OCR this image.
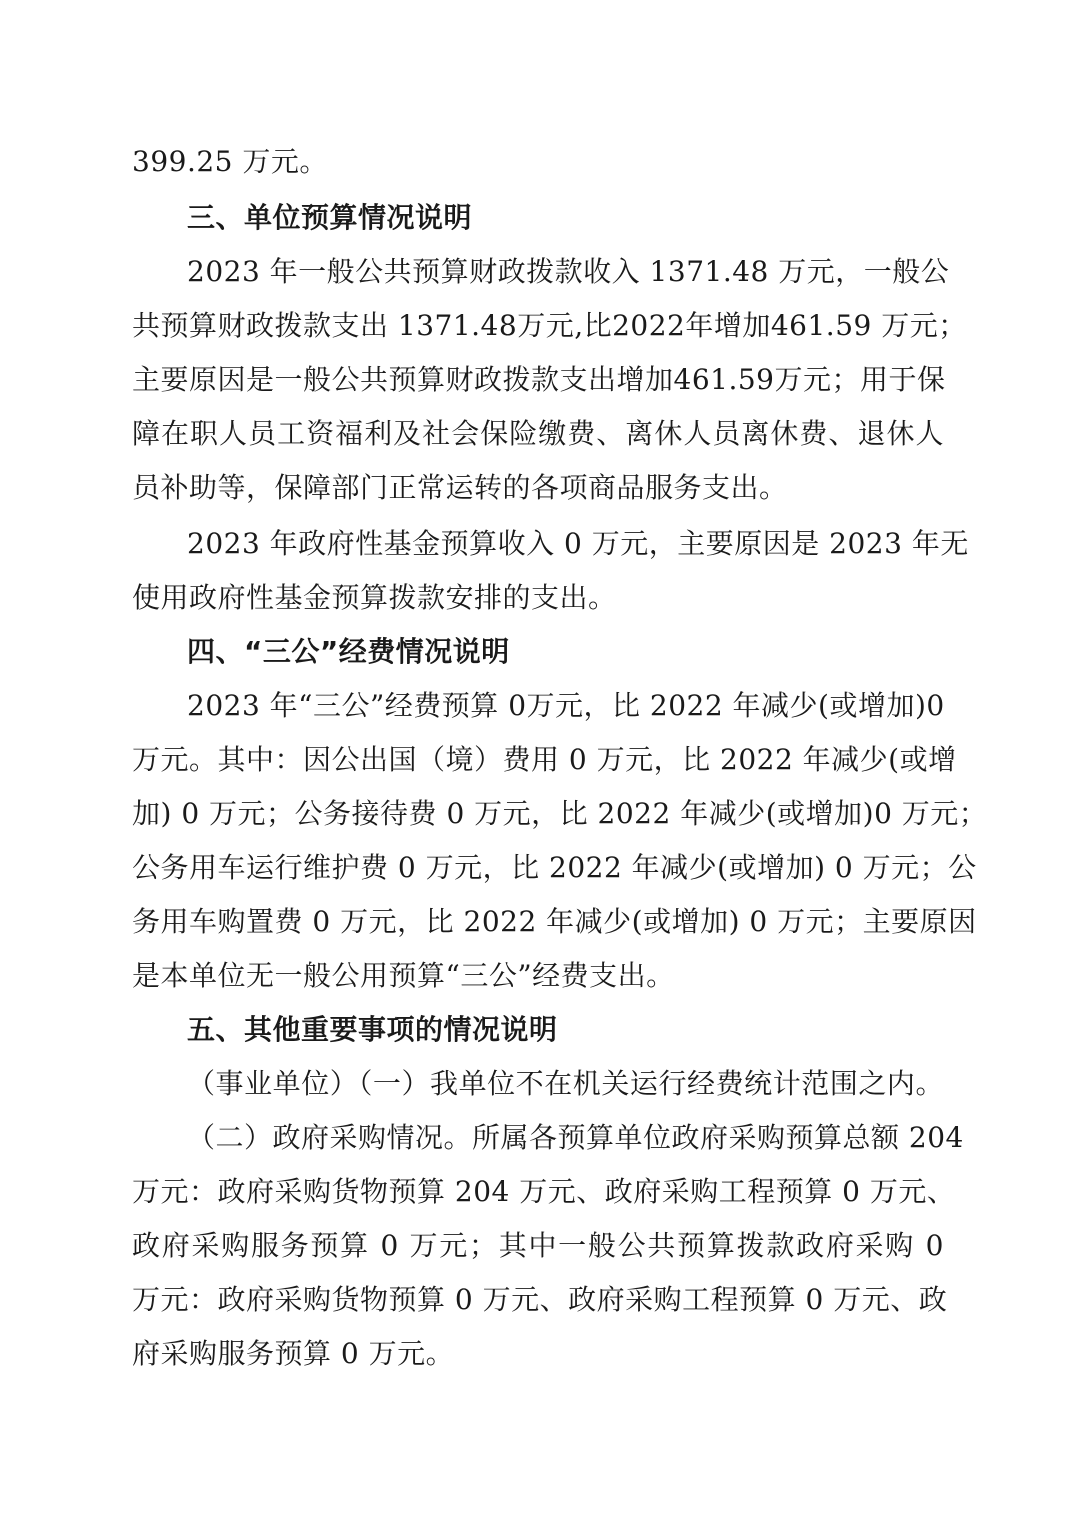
399.25 万元。
三、单位预算情况说明
2023 年一般公共预算财政拨款收入 1371.48 万元，一般公
共预算财政拨款支出 1371.48万元,比2022年增加461.59 万元；
主要原因是一般公共预算财政拨款支出增加461.59万元；用于保
障在职人员工资福利及社会保险缴费、离休人员离休费、退休人
员补助等，保障部门正常运转的各项商品服务支出。
2023 年政府性基金预算收入 0 万元，主要原因是 2023 年无
使用政府性基金预算拨款安排的支出。
四、“三公”经费情况说明
2023 年“三公”经费预算 0万元，比 2022 年减少(或增加)0
万元。其中：因公出国（境）费用 0 万元，比 2022 年减少(或增
加) 0 万元；公务接待费 0 万元，比 2022 年减少(或增加)0 万元；
公务用车运行维护费 0 万元，比 2022 年减少(或增加) 0 万元；公
务用车购置费 0 万元，比 2022 年减少(或增加) 0 万元；主要原因
是本单位无一般公用预算“三公”经费支出。
五、其他重要事项的情况说明
（事业单位）（一）我单位不在机关运行经费统计范围之内。
（二）政府采购情况。所属各预算单位政府采购预算总额 204
万元：政府采购货物预算 204 万元、政府采购工程预算 0 万元、
政府采购服务预算 0 万元；其中一般公共预算拨款政府采购 0
万元：政府采购货物预算 0 万元、政府采购工程预算 0 万元、政
府采购服务预算 0 万元。
